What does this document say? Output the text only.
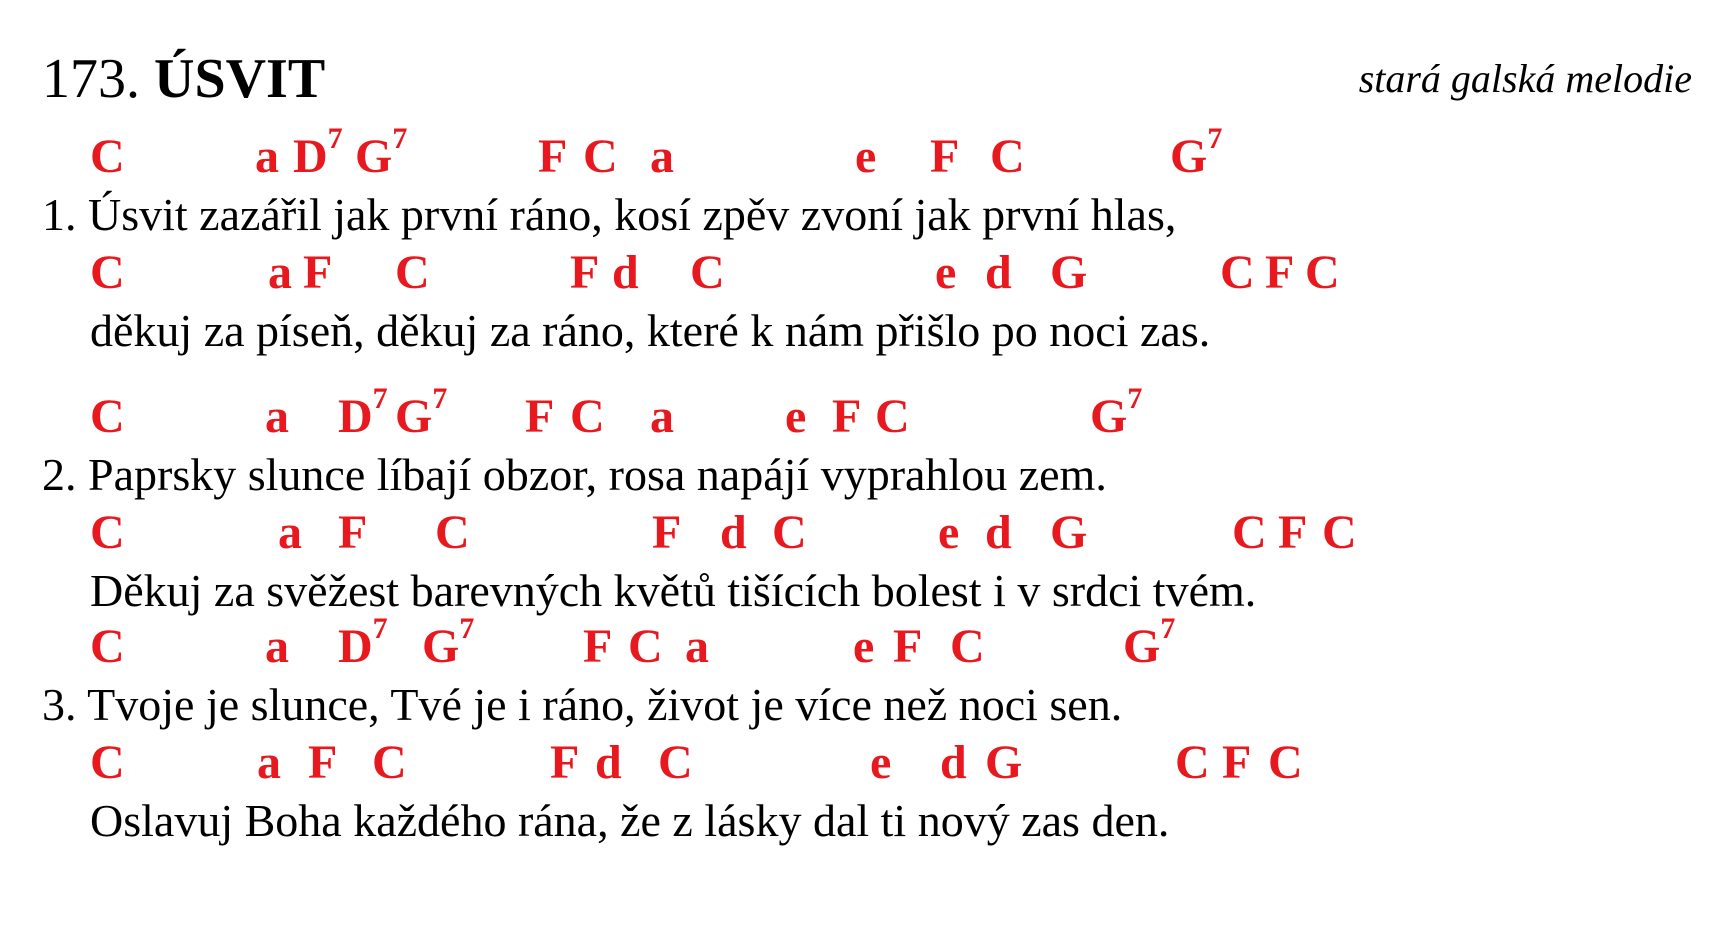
173. ÚSVIT	stará galská melodie
C	a $D^7$ $G^7$	F C a	e F C	$G^7$
1. Úsvit zazářil jak první ráno, kosí zpěv zvoní jak první hlas,
C	a F C	F d C	e d G	C F C
děkuj za píseň, děkuj za ráno, které k nám přišlo po noci zas.
C	a $D^7$ $G^7$ F C a e F C	$G^7$
2. Paprsky slunce líbají obzor, rosa napájí vyprahlou zem.
C	a F C	F d C	e d G	C F C
Děkuj za svěžest barevných květů tišících bolest i v srdci tvém.
C	a $D^7$ $G^7$ F C a	e F C	$G^7$
3. Tvoje je slunce, Tvé je i ráno, život je více než noci sen.
C	a F C	F d C	e d G	C F C
Oslavuj Boha každého rána, že z lásky dal ti nový zas den.
